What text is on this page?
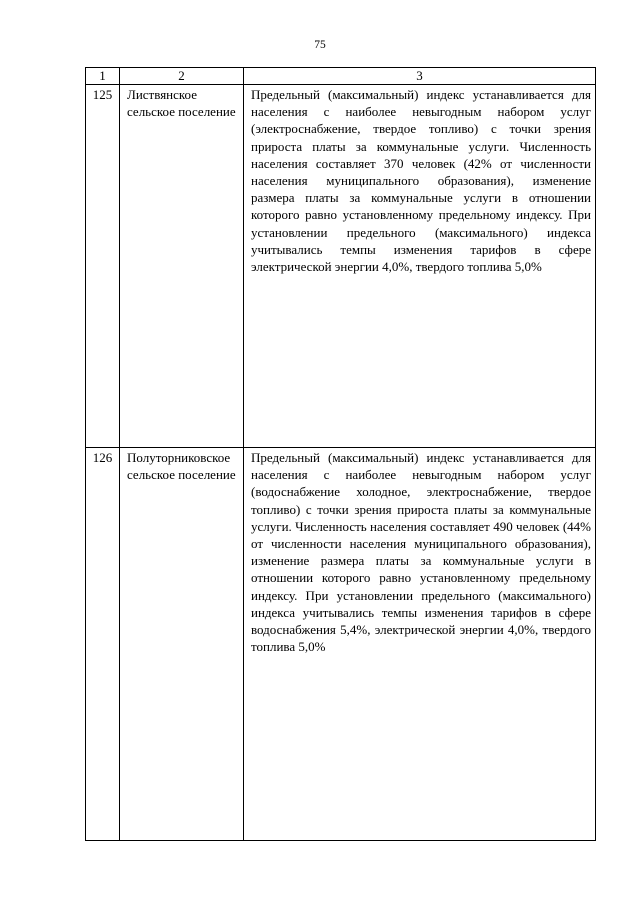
75
1	2	3
125	Листвянское сельское поселение	Предельный (максимальный) индекс устанавливается для населения с наиболее невыгодным набором услуг (электроснабжение, твердое топливо) с точки зрения прироста платы за коммунальные услуги. Численность населения составляет 370 человек (42% от численности населения муниципального образования), изменение размера платы за коммунальные услуги в отношении которого равно установленному предельному индексу. При установлении предельного (максимального) индекса учитывались темпы изменения тарифов в сфере электрической энергии 4,0%, твердого топлива 5,0%
126	Полуторниковское сельское поселение	Предельный (максимальный) индекс устанавливается для населения с наиболее невыгодным набором услуг (водоснабжение холодное, электроснабжение, твердое топливо) с точки зрения прироста платы за коммунальные услуги. Численность населения составляет 490 человек (44% от численности населения муниципального образования), изменение размера платы за коммунальные услуги в отношении которого равно установленному предельному индексу. При установлении предельного (максимального) индекса учитывались темпы изменения тарифов в сфере водоснабжения 5,4%, электрической энергии 4,0%, твердого топлива 5,0%
